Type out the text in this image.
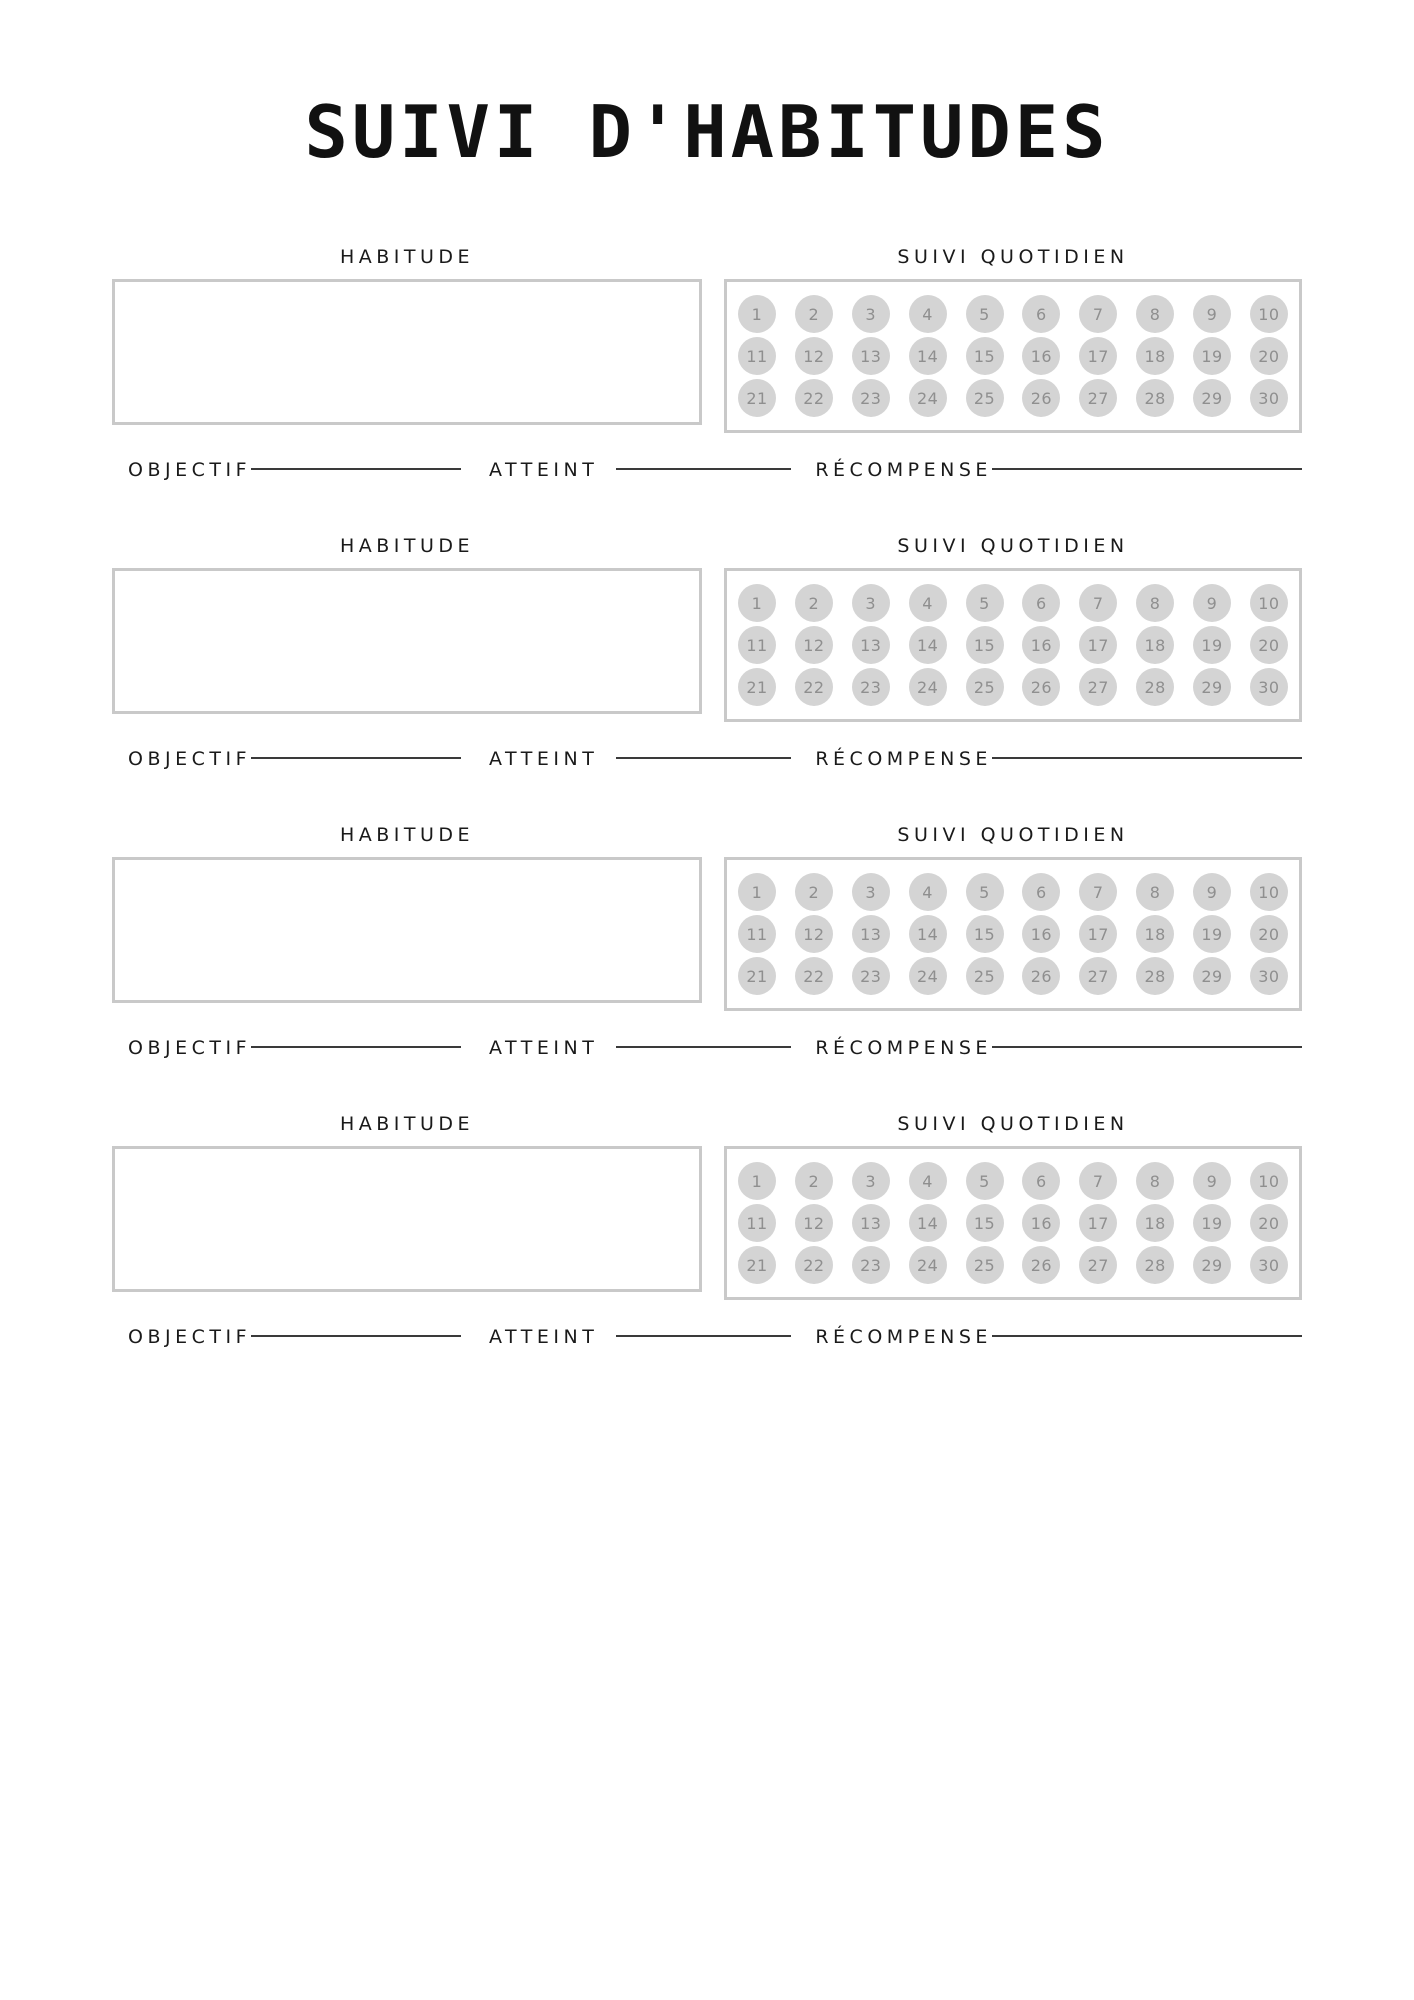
SUIVI D'HABITUDES
HABITUDE	SUIVI QUOTIDIEN
1	2	3	4	5	6	7	8	9	10
11	12	13	14	15	16	17	18	19	20
21	22	23	24	25	26	27	28	29	30
OBJECTIF	ATTEINT	RÉCOMPENSE
HABITUDE	SUIVI QUOTIDIEN
1	2	3	4	5	6	7	8	9	10
11	12	13	14	15	16	17	18	19	20
21	22	23	24	25	26	27	28	29	30
OBJECTIF	ATTEINT	RÉCOMPENSE
HABITUDE	SUIVI QUOTIDIEN
1	2	3	4	5	6	7	8	9	10
11	12	13	14	15	16	17	18	19	20
21	22	23	24	25	26	27	28	29	30
OBJECTIF	ATTEINT	RÉCOMPENSE
HABITUDE	SUIVI QUOTIDIEN
1	2	3	4	5	6	7	8	9	10
11	12	13	14	15	16	17	18	19	20
21	22	23	24	25	26	27	28	29	30
OBJECTIF	ATTEINT	RÉCOMPENSE
